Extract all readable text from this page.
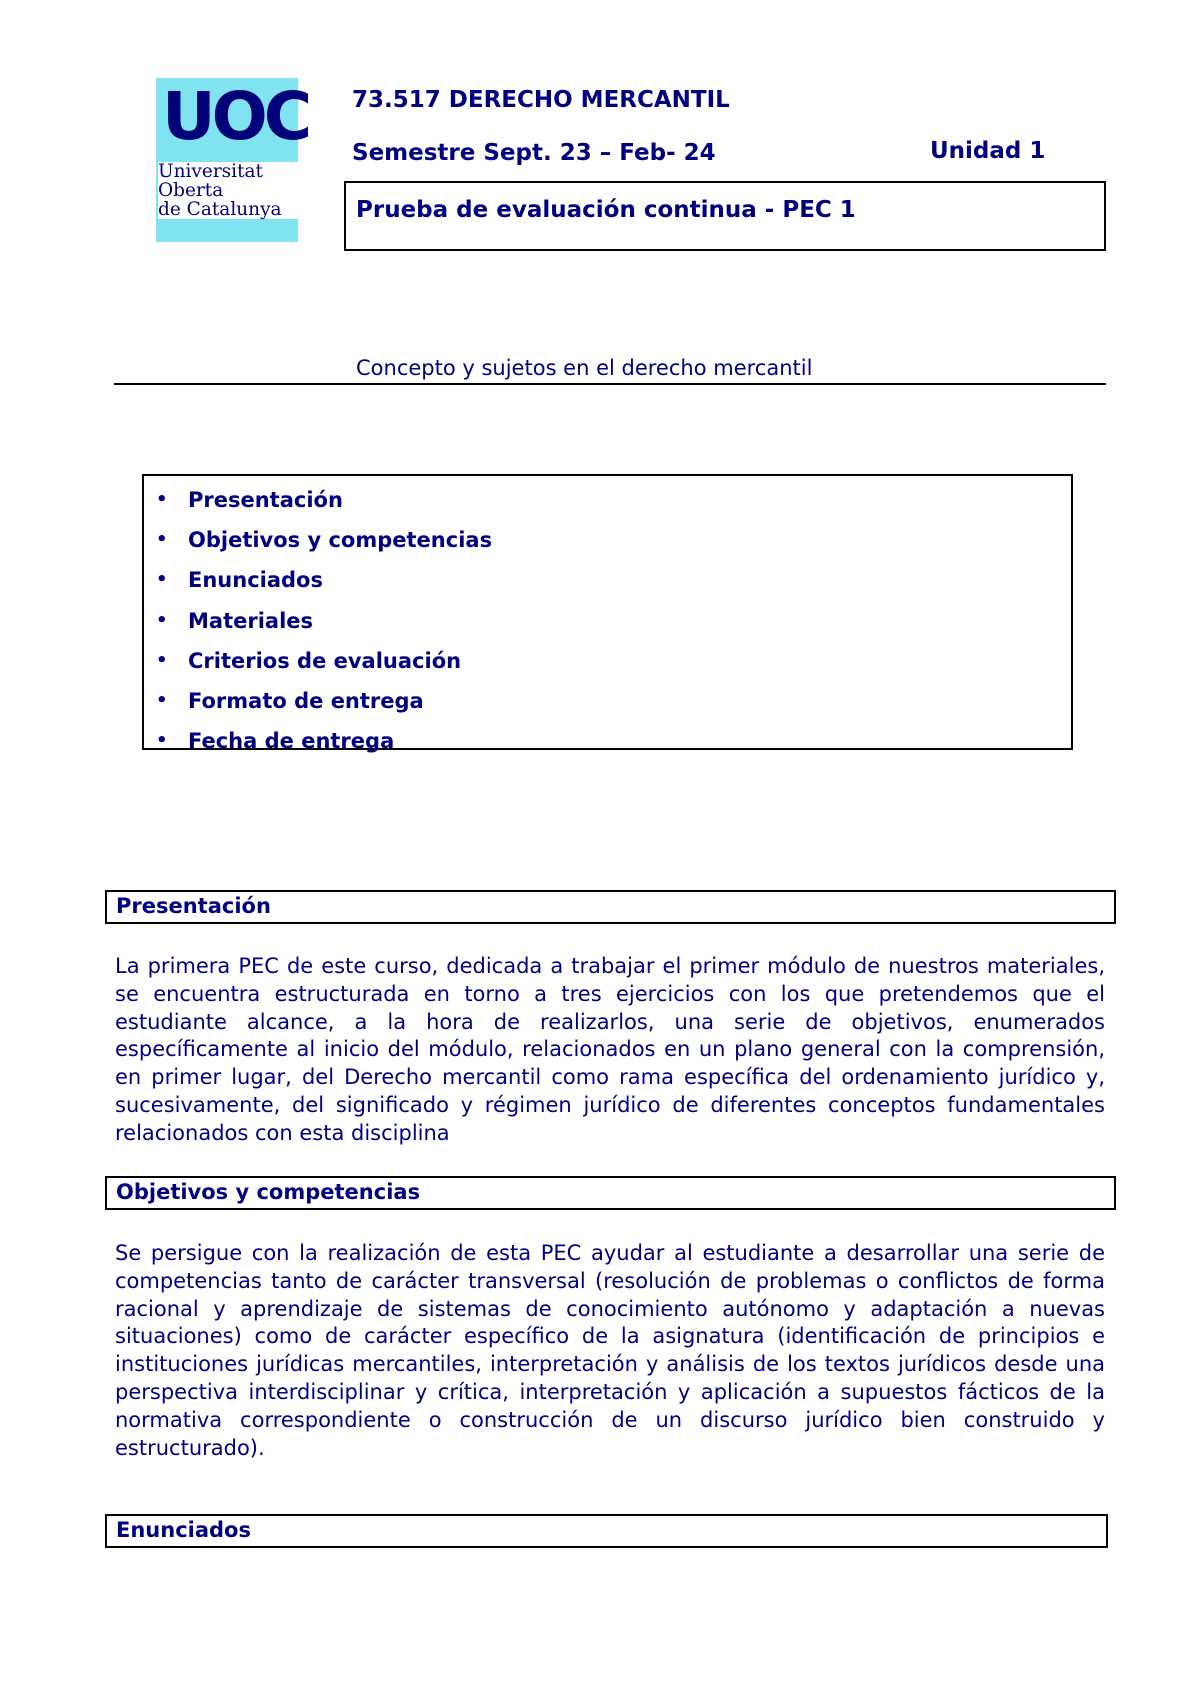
UOC
Universitat
Oberta
de Catalunya
73.517 DERECHO MERCANTIL
Semestre Sept. 23 – Feb- 24	Unidad 1
Prueba de evaluación continua - PEC 1
Concepto y sujetos en el derecho mercantil
• Presentación
• Objetivos y competencias
• Enunciados
• Materiales
• Criterios de evaluación
• Formato de entrega
• Fecha de entrega
Presentación
La primera PEC de este curso, dedicada a trabajar el primer módulo de nuestros materiales, se encuentra estructurada en torno a tres ejercicios con los que pretendemos que el estudiante alcance, a la hora de realizarlos, una serie de objetivos, enumerados específicamente al inicio del módulo, relacionados en un plano general con la comprensión, en primer lugar, del Derecho mercantil como rama específica del ordenamiento jurídico y, sucesivamente, del significado y régimen jurídico de diferentes conceptos fundamentales relacionados con esta disciplina
Objetivos y competencias
Se persigue con la realización de esta PEC ayudar al estudiante a desarrollar una serie de competencias tanto de carácter transversal (resolución de problemas o conflictos de forma racional y aprendizaje de sistemas de conocimiento autónomo y adaptación a nuevas situaciones) como de carácter específico de la asignatura (identificación de principios e instituciones jurídicas mercantiles, interpretación y análisis de los textos jurídicos desde una perspectiva interdisciplinar y crítica, interpretación y aplicación a supuestos fácticos de la normativa correspondiente o construcción de un discurso jurídico bien construido y estructurado).
Enunciados
